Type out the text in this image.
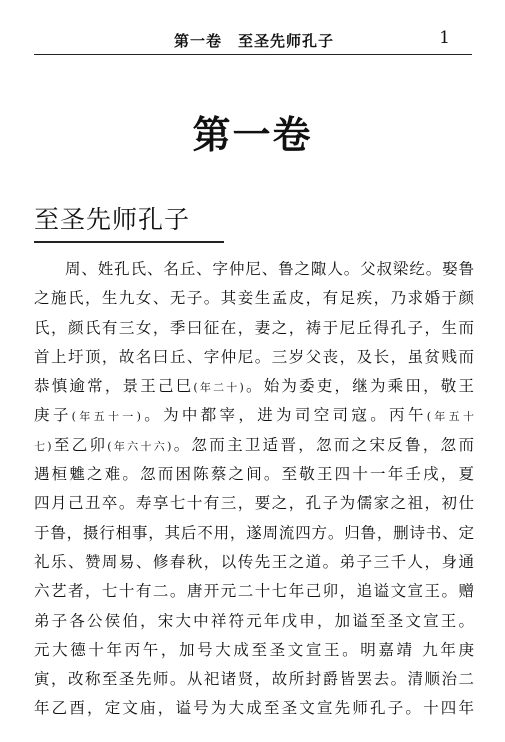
第一卷　至圣先师孔子	1
第一卷
至圣先师孔子
周、姓孔氏、名丘、字仲尼、鲁之陬人。父叔梁纥。娶鲁
之施氏，生九女、无子。其妾生孟皮，有足疾，乃求婚于颜
氏，颜氏有三女，季曰征在，妻之，祷于尼丘得孔子，生而
首上圩顶，故名曰丘、字仲尼。三岁父丧，及长，虽贫贱而
恭慎逾常，景王己巳(年二十)。始为委吏，继为乘田，敬王
庚子(年五十一)。为中都宰，进为司空司寇。丙午(年五十
七)至乙卯(年六十六)。忽而主卫适晋，忽而之宋反鲁，忽而
遇桓魋之难。忽而困陈蔡之间。至敬王四十一年壬戌，夏
四月己丑卒。寿享七十有三，要之，孔子为儒家之祖，初仕
于鲁，摄行相事，其后不用，遂周流四方。归鲁，删诗书、定
礼乐、赞周易、修春秋，以传先王之道。弟子三千人，身通
六艺者，七十有二。唐开元二十七年己卯，追谥文宣王。赠
弟子各公侯伯，宋大中祥符元年戊申，加谥至圣文宣王。
元大德十年丙午，加号大成至圣文宣王。明嘉靖 九年庚
寅，改称至圣先师。从祀诸贤，故所封爵皆罢去。清顺治二
年乙酉，定文庙，谥号为大成至圣文宣先师孔子。十四年
